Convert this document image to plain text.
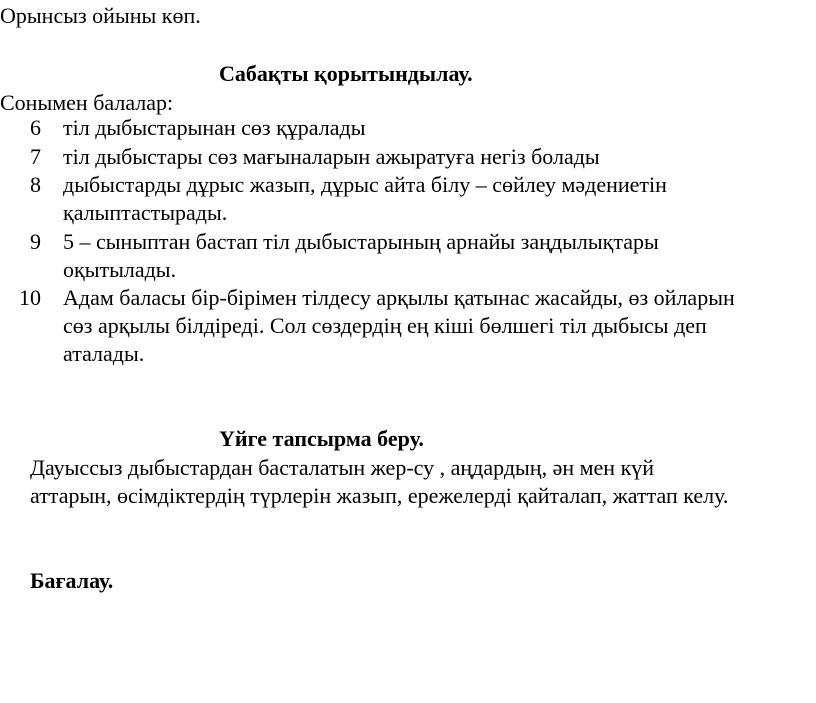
Орынсыз ойыны көп.
Сабақты қорытындылау.
Сонымен балалар:
6 тіл дыбыстарынан сөз құралады
7 тіл дыбыстары сөз мағыналарын ажыратуға негіз болады
8 дыбыстарды дұрыс жазып, дұрыс айта білу – сөйлеу мәдениетін
қалыптастырады.
9 5 – сыныптан бастап тіл дыбыстарының арнайы заңдылықтары
оқытылады.
10 Адам баласы бір-бірімен тілдесу арқылы қатынас жасайды, өз ойларын
сөз арқылы білдіреді. Сол сөздердің ең кіші бөлшегі тіл дыбысы деп
аталады.
Үйге тапсырма беру.
Дауыссыз дыбыстардан басталатын жер-су , аңдардың, ән мен күй
аттарын, өсімдіктердің түрлерін жазып, ережелерді қайталап, жаттап келу.
Бағалау.
